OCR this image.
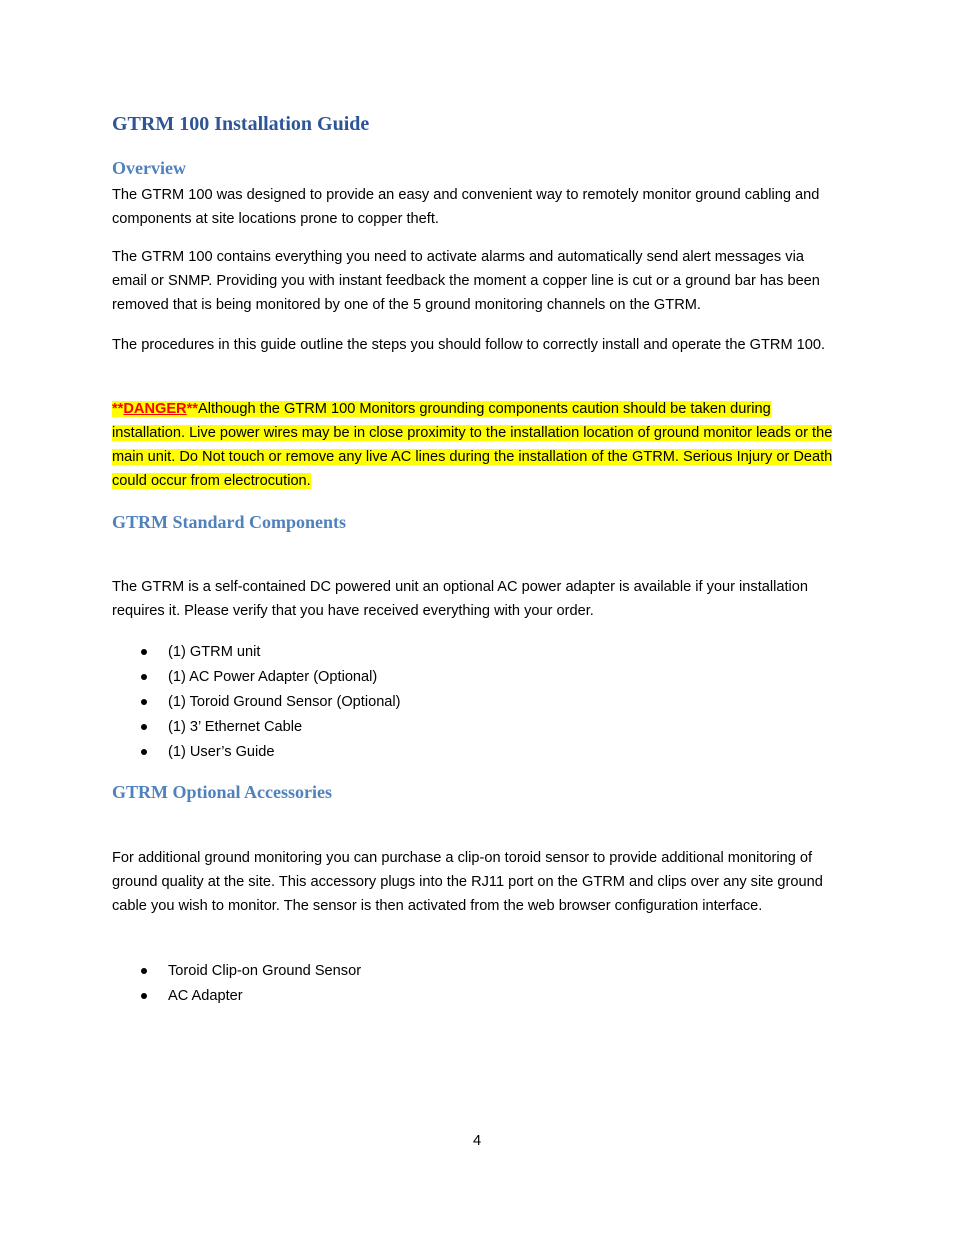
GTRM 100 Installation Guide
Overview

The GTRM 100 was designed to provide an easy and convenient way to remotely monitor ground cabling and components at site locations prone to copper theft.

The GTRM 100 contains everything you need to activate alarms and automatically send alert messages via email or SNMP. Providing you with instant feedback the moment a copper line is cut or a ground bar has been removed that is being monitored by one of the 5 ground monitoring channels on the GTRM.

The procedures in this guide outline the steps you should follow to correctly install and operate the GTRM 100.

**DANGER**Although the GTRM 100 Monitors grounding components caution should be taken during installation. Live power wires may be in close proximity to the installation location of ground monitor leads or the main unit. Do Not touch or remove any live AC lines during the installation of the GTRM. Serious Injury or Death could occur from electrocution.

GTRM Standard Components

The GTRM is a self-contained DC powered unit an optional AC power adapter is available if your installation requires it. Please verify that you have received everything with your order.

(1) GTRM unit
(1) AC Power Adapter (Optional)
(1) Toroid Ground Sensor (Optional)
(1) 3’ Ethernet Cable
(1) User’s Guide
GTRM Optional Accessories

For additional ground monitoring you can purchase a clip-on toroid sensor to provide additional monitoring of ground quality at the site. This accessory plugs into the RJ11 port on the GTRM and clips over any site ground cable you wish to monitor. The sensor is then activated from the web browser configuration interface.

Toroid Clip-on Ground Sensor
AC Adapter

4
